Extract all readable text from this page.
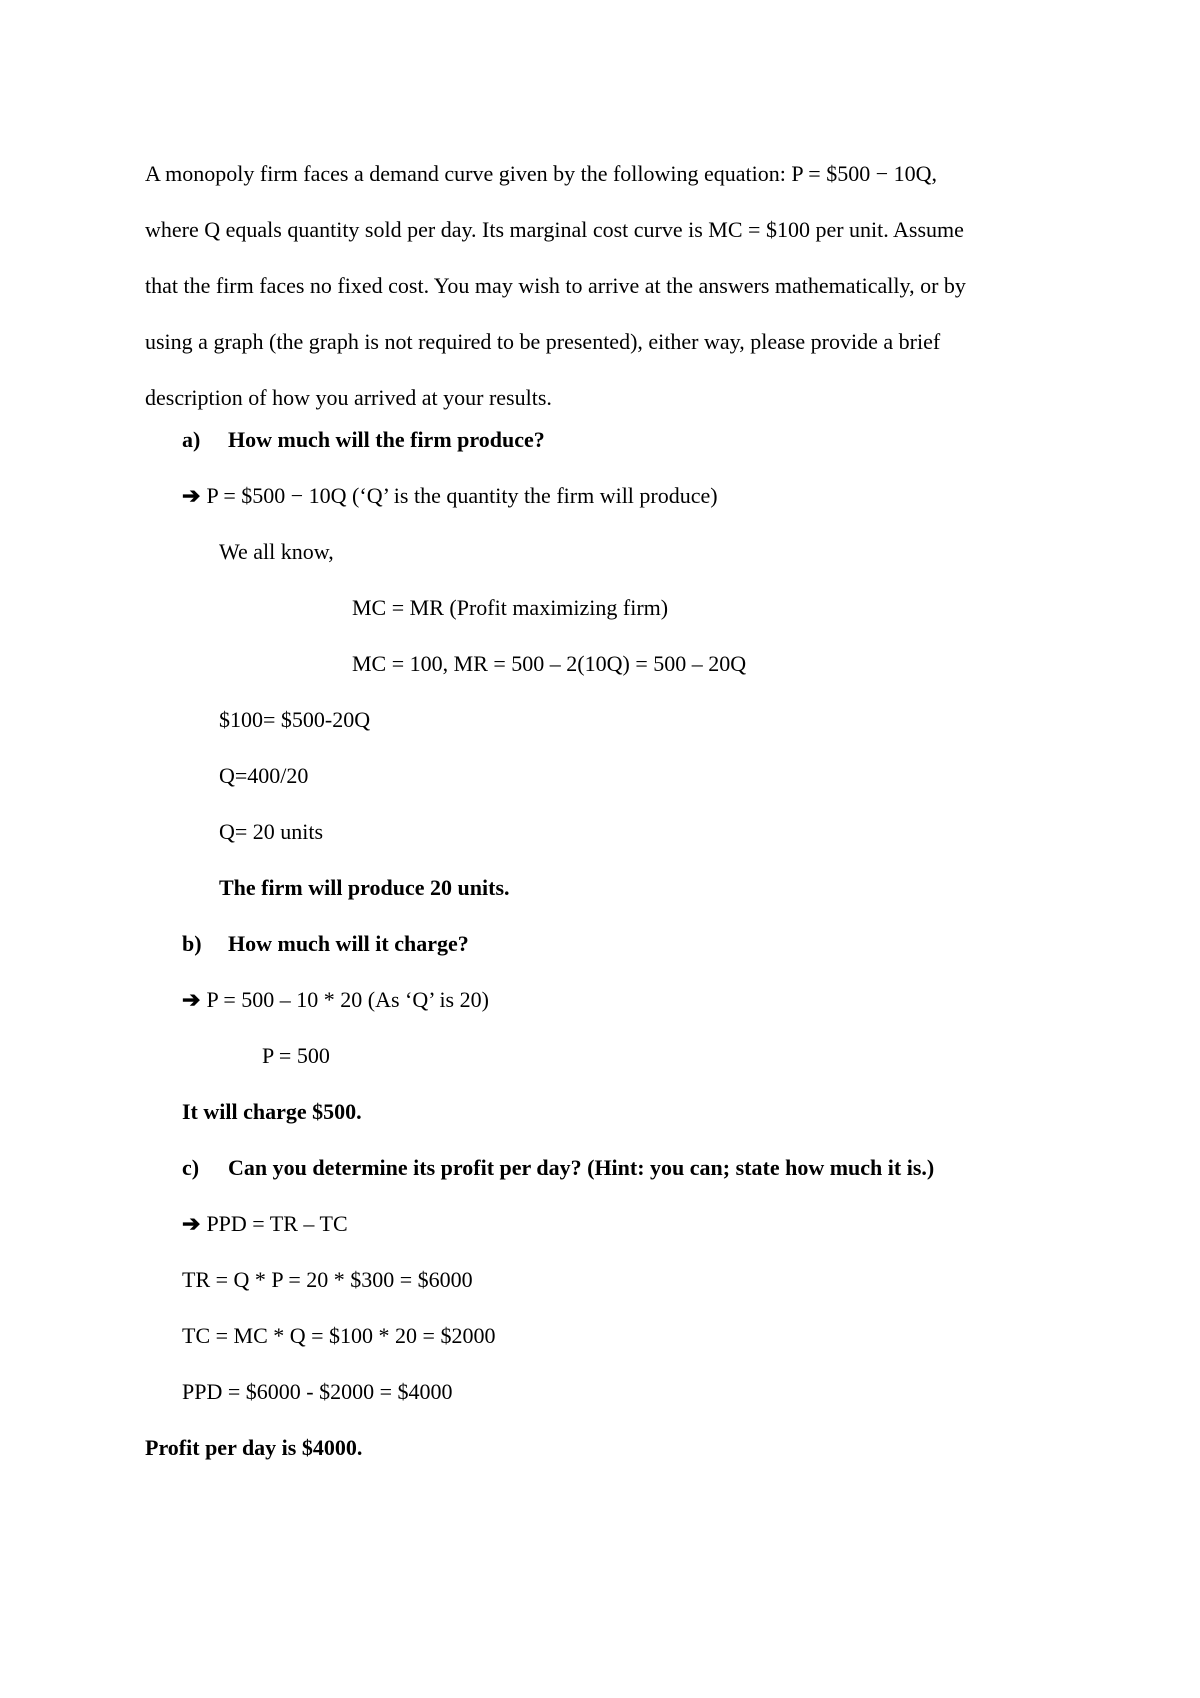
A monopoly firm faces a demand curve given by the following equation: P = $500 − 10Q,
where Q equals quantity sold per day. Its marginal cost curve is MC = $100 per unit. Assume
that the firm faces no fixed cost. You may wish to arrive at the answers mathematically, or by
using a graph (the graph is not required to be presented), either way, please provide a brief
description of how you arrived at your results.
a) How much will the firm produce?
➔ P = $500 − 10Q (‘Q’ is the quantity the firm will produce)
We all know,
MC = MR (Profit maximizing firm)
MC = 100, MR = 500 – 2(10Q) = 500 – 20Q
$100= $500-20Q
Q=400/20
Q= 20 units
The firm will produce 20 units.
b) How much will it charge?
➔ P = 500 – 10 * 20 (As ‘Q’ is 20)
P = 500
It will charge $500.
c) Can you determine its profit per day? (Hint: you can; state how much it is.)
➔ PPD = TR – TC
TR = Q * P = 20 * $300 = $6000
TC = MC * Q = $100 * 20 = $2000
PPD = $6000 - $2000 = $4000
Profit per day is $4000.
